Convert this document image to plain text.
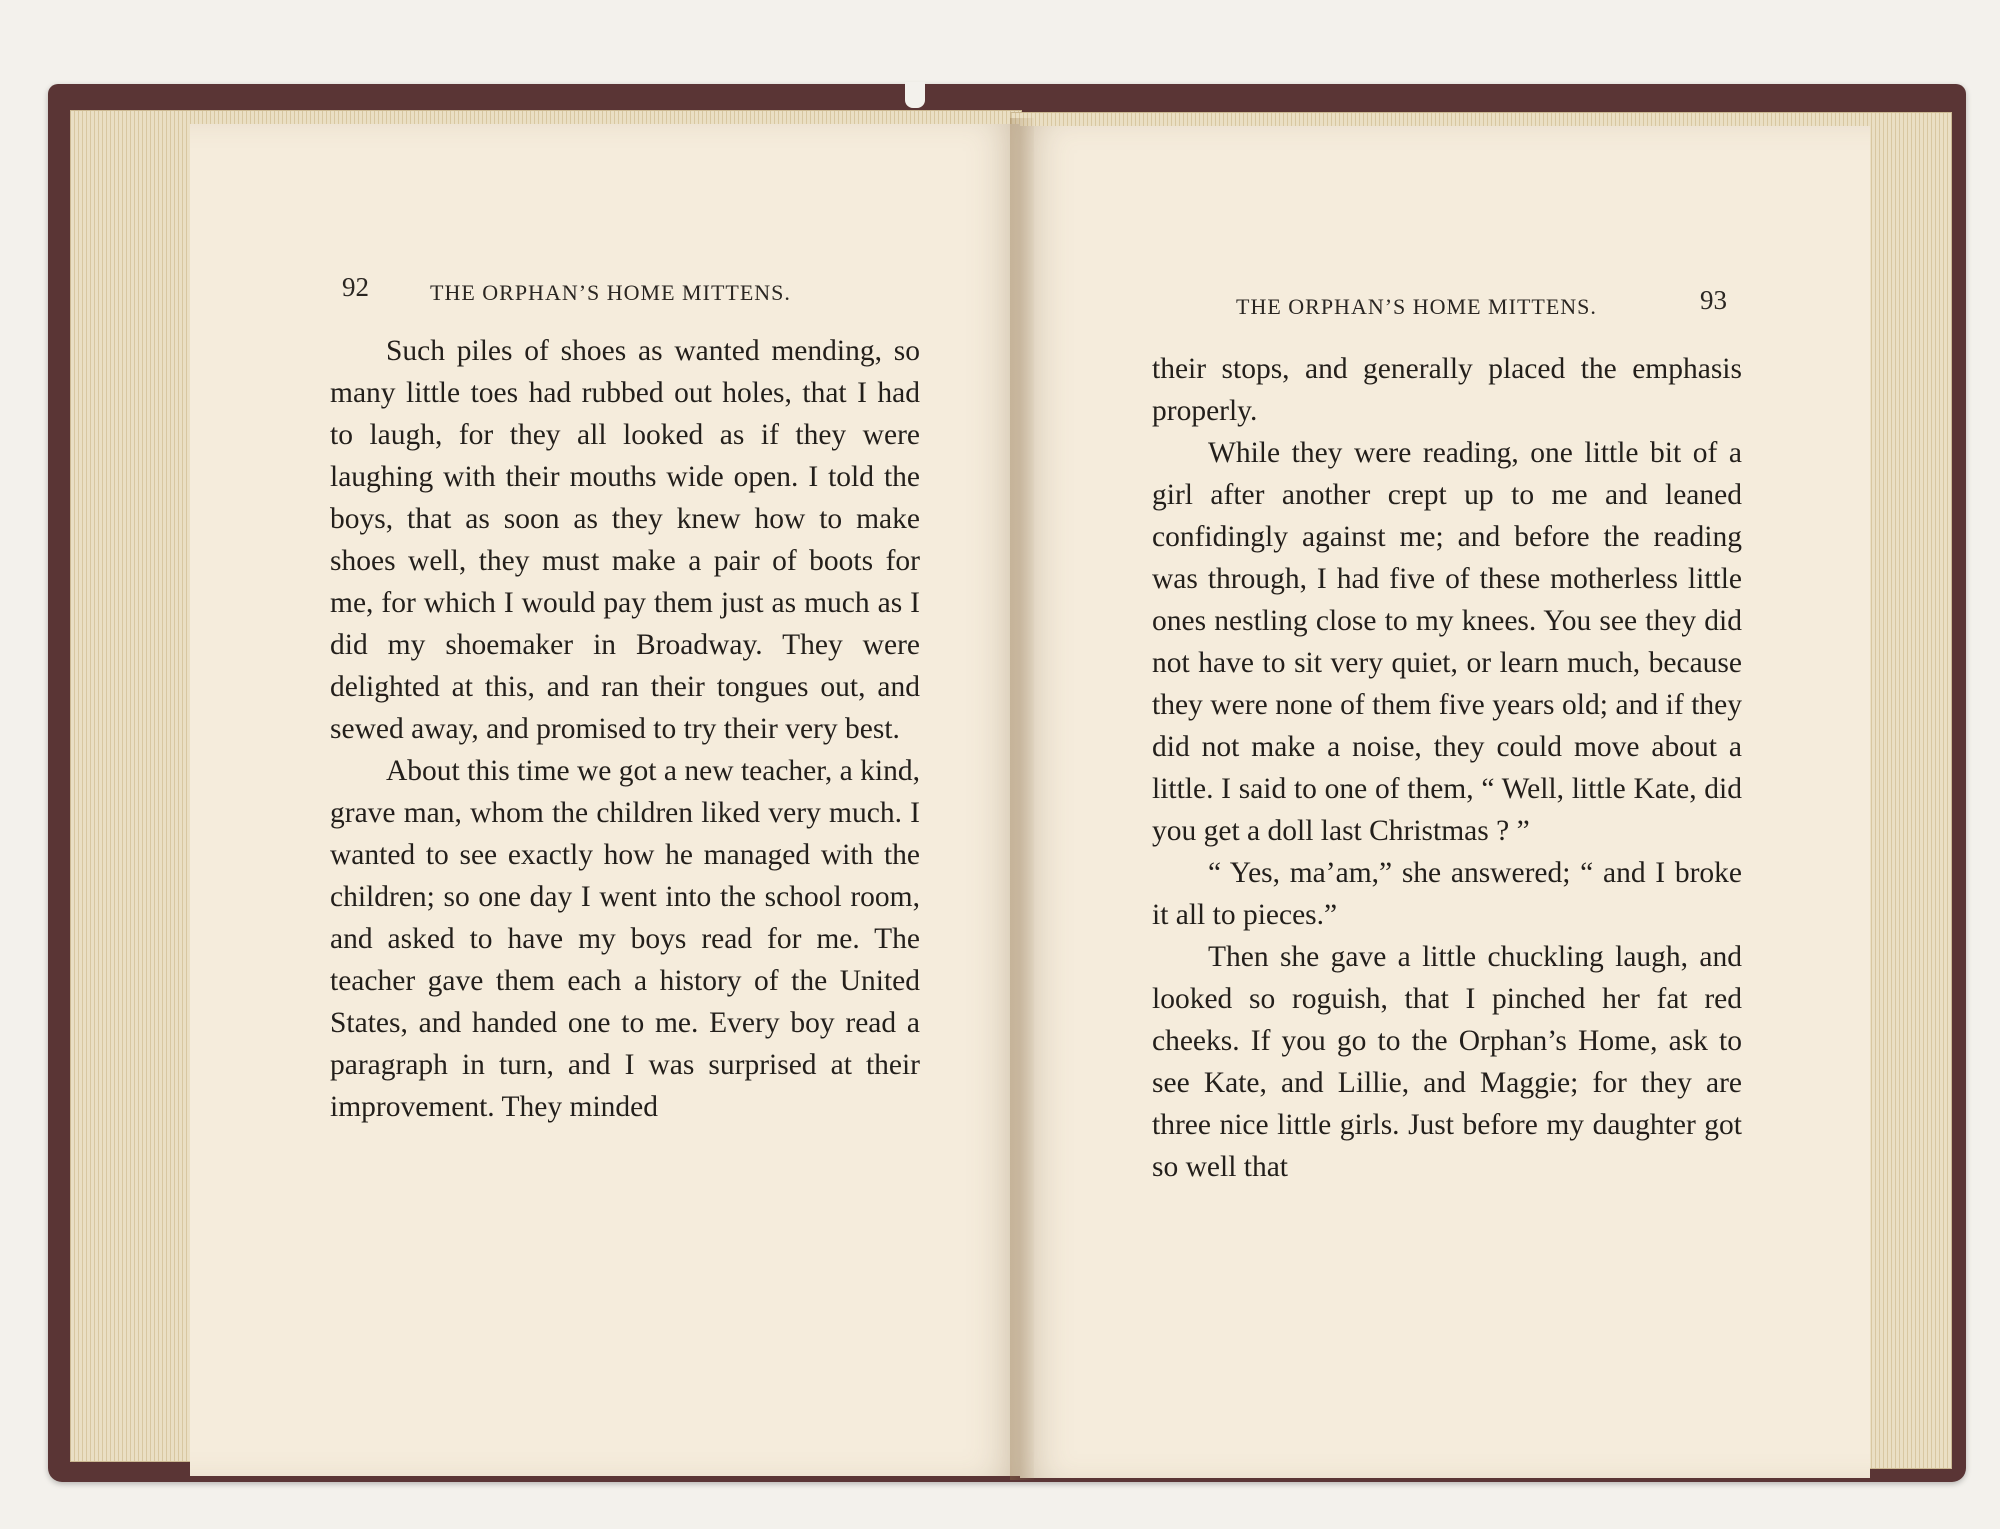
92	THE ORPHAN’S HOME MITTENS.
THE ORPHAN’S HOME MITTENS.	93

Such piles of shoes as wanted mending, so many little toes had rubbed out holes, that I had to laugh, for they all looked as if they were laughing with their mouths wide open. I told the boys, that as soon as they knew how to make shoes well, they must make a pair of boots for me, for which I would pay them just as much as I did my shoemaker in Broadway. They were delighted at this, and ran their tongues out, and sewed away, and promised to try their very best.

About this time we got a new teacher, a kind, grave man, whom the children liked very much. I wanted to see exactly how he managed with the children; so one day I went into the school room, and asked to have my boys read for me. The teacher gave them each a history of the United States, and handed one to me. Every boy read a paragraph in turn, and I was surprised at their improvement. They minded

their stops, and generally placed the emphasis properly.

While they were reading, one little bit of a girl after another crept up to me and leaned confidingly against me; and before the reading was through, I had five of these motherless little ones nestling close to my knees. You see they did not have to sit very quiet, or learn much, because they were none of them five years old; and if they did not make a noise, they could move about a little. I said to one of them, “ Well, little Kate, did you get a doll last Christmas ? ”

“ Yes, ma’am,” she answered; “ and I broke it all to pieces.”

Then she gave a little chuckling laugh, and looked so roguish, that I pinched her fat red cheeks. If you go to the Orphan’s Home, ask to see Kate, and Lillie, and Maggie; for they are three nice little girls. Just before my daughter got so well that
